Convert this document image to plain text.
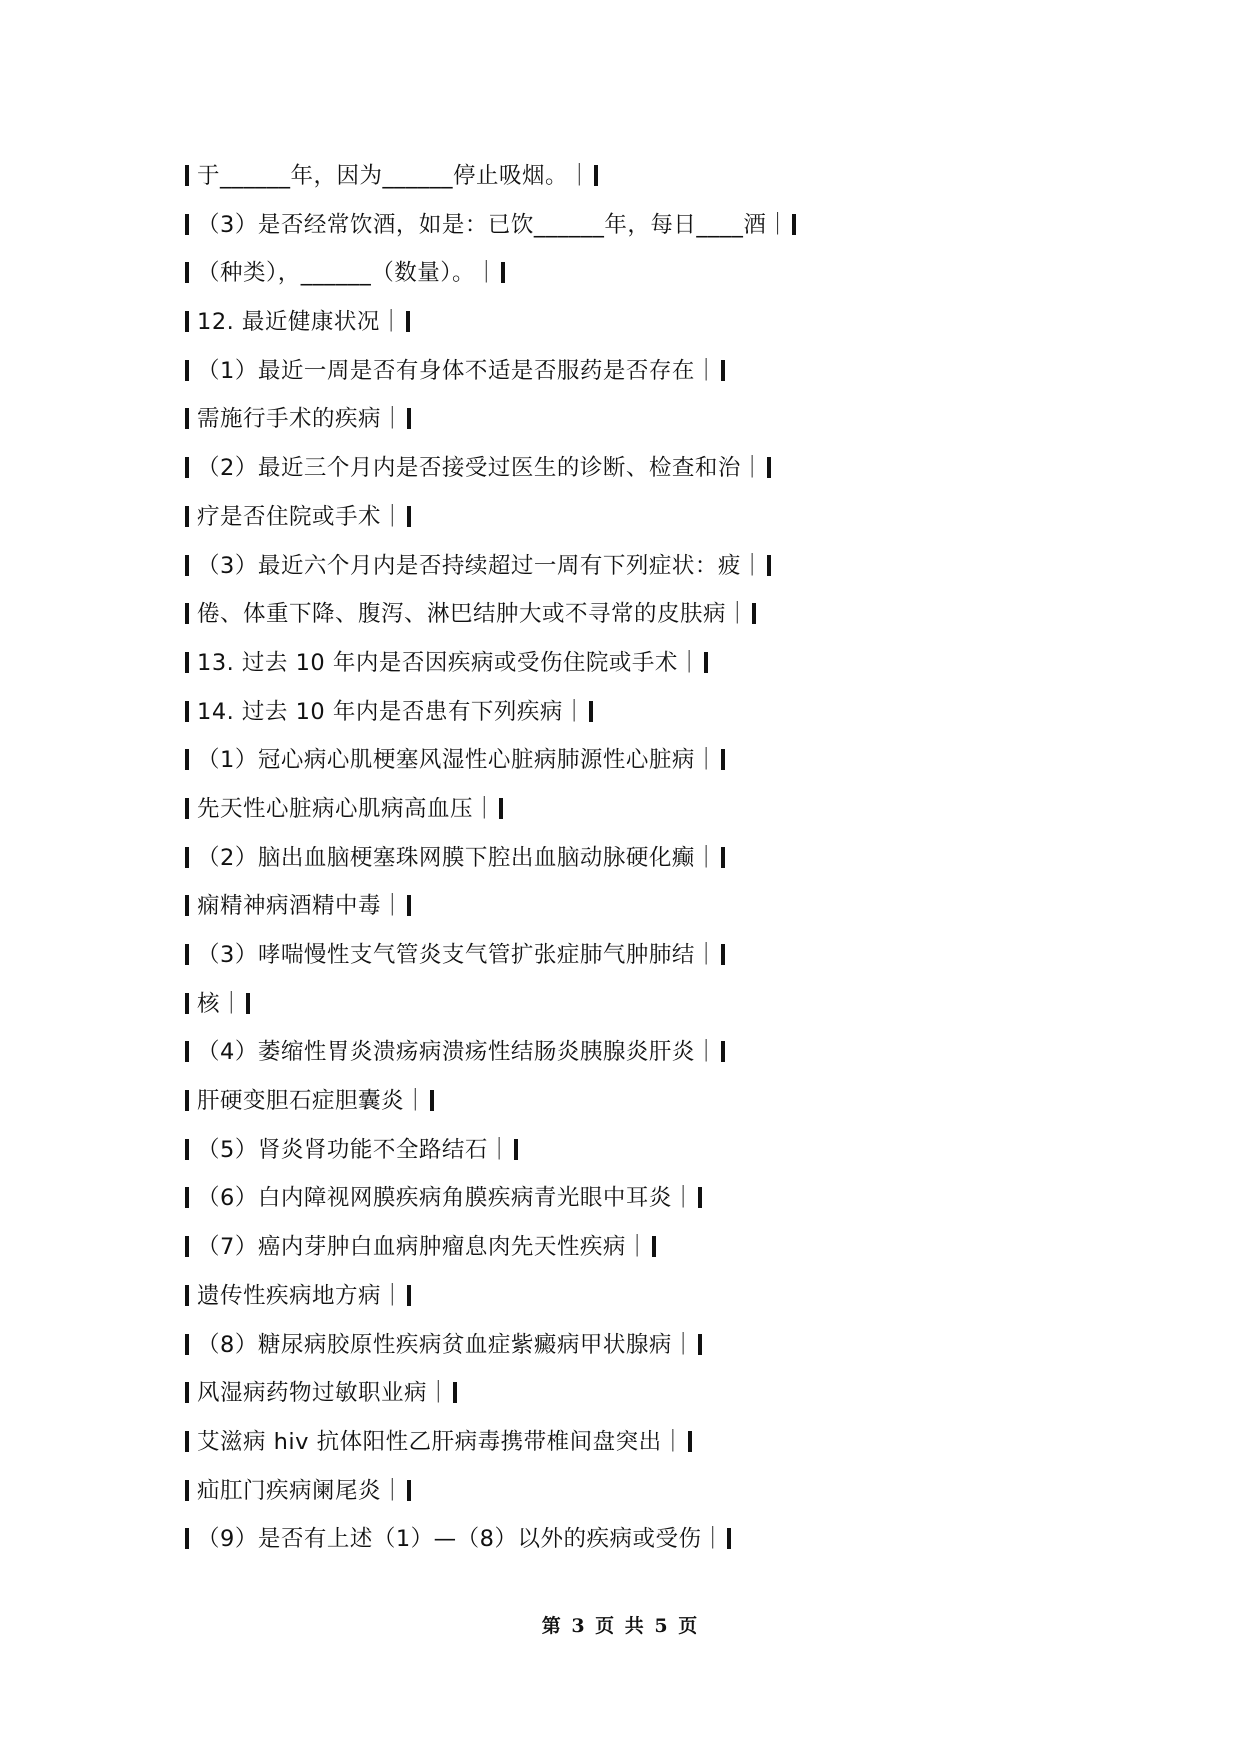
于______年，因为______停止吸烟。｜
（3）是否经常饮酒，如是：已饮______年，每日____酒｜
（种类），______（数量）。｜
12. 最近健康状况｜
（1）最近一周是否有身体不适是否服药是否存在｜
需施行手术的疾病｜
（2）最近三个月内是否接受过医生的诊断、检查和治｜
疗是否住院或手术｜
（3）最近六个月内是否持续超过一周有下列症状：疲｜
倦、体重下降、腹泻、淋巴结肿大或不寻常的皮肤病｜
13. 过去 10 年内是否因疾病或受伤住院或手术｜
14. 过去 10 年内是否患有下列疾病｜
（1）冠心病心肌梗塞风湿性心脏病肺源性心脏病｜
先天性心脏病心肌病高血压｜
（2）脑出血脑梗塞珠网膜下腔出血脑动脉硬化癫｜
痫精神病酒精中毒｜
（3）哮喘慢性支气管炎支气管扩张症肺气肿肺结｜
核｜
（4）萎缩性胃炎溃疡病溃疡性结肠炎胰腺炎肝炎｜
肝硬变胆石症胆囊炎｜
（5）肾炎肾功能不全路结石｜
（6）白内障视网膜疾病角膜疾病青光眼中耳炎｜
（7）癌内芽肿白血病肿瘤息肉先天性疾病｜
遗传性疾病地方病｜
（8）糖尿病胶原性疾病贫血症紫癜病甲状腺病｜
风湿病药物过敏职业病｜
艾滋病 hiv 抗体阳性乙肝病毒携带椎间盘突出｜
疝肛门疾病阑尾炎｜
（9）是否有上述（1）—（8）以外的疾病或受伤｜
第 3 页 共 5 页
